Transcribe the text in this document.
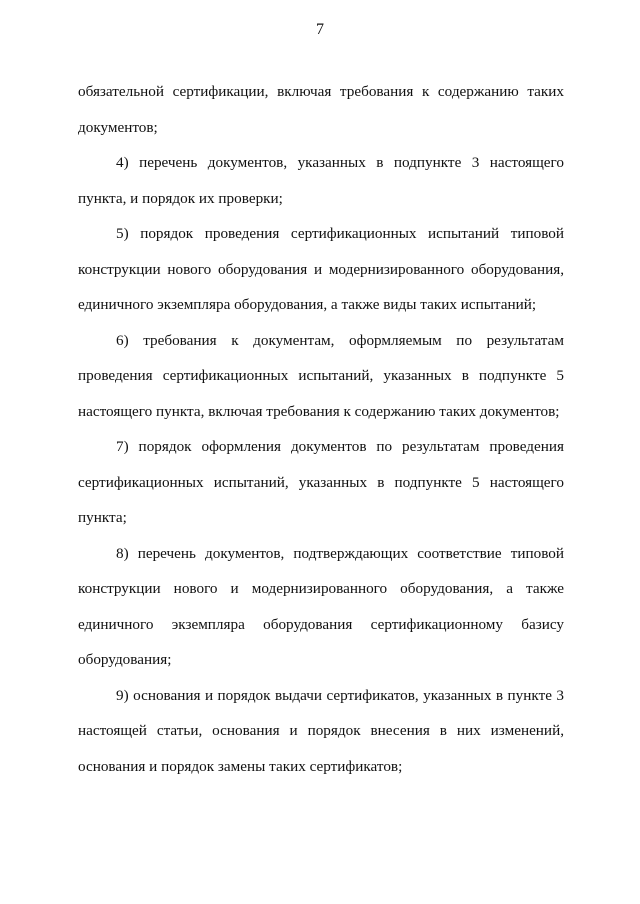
7
обязательной сертификации, включая требования к содержанию таких
документов;
4) перечень документов, указанных в подпункте 3 настоящего
пункта, и порядок их проверки;
5) порядок проведения сертификационных испытаний типовой
конструкции нового оборудования и модернизированного оборудования,
единичного экземпляра оборудования, а также виды таких испытаний;
6) требования к документам, оформляемым по результатам
проведения сертификационных испытаний, указанных в подпункте 5
настоящего пункта, включая требования к содержанию таких документов;
7) порядок оформления документов по результатам проведения
сертификационных испытаний, указанных в подпункте 5 настоящего
пункта;
8) перечень документов, подтверждающих соответствие типовой
конструкции нового и модернизированного оборудования, а также
единичного экземпляра оборудования сертификационному базису
оборудования;
9) основания и порядок выдачи сертификатов, указанных в пункте 3
настоящей статьи, основания и порядок внесения в них изменений,
основания и порядок замены таких сертификатов;
